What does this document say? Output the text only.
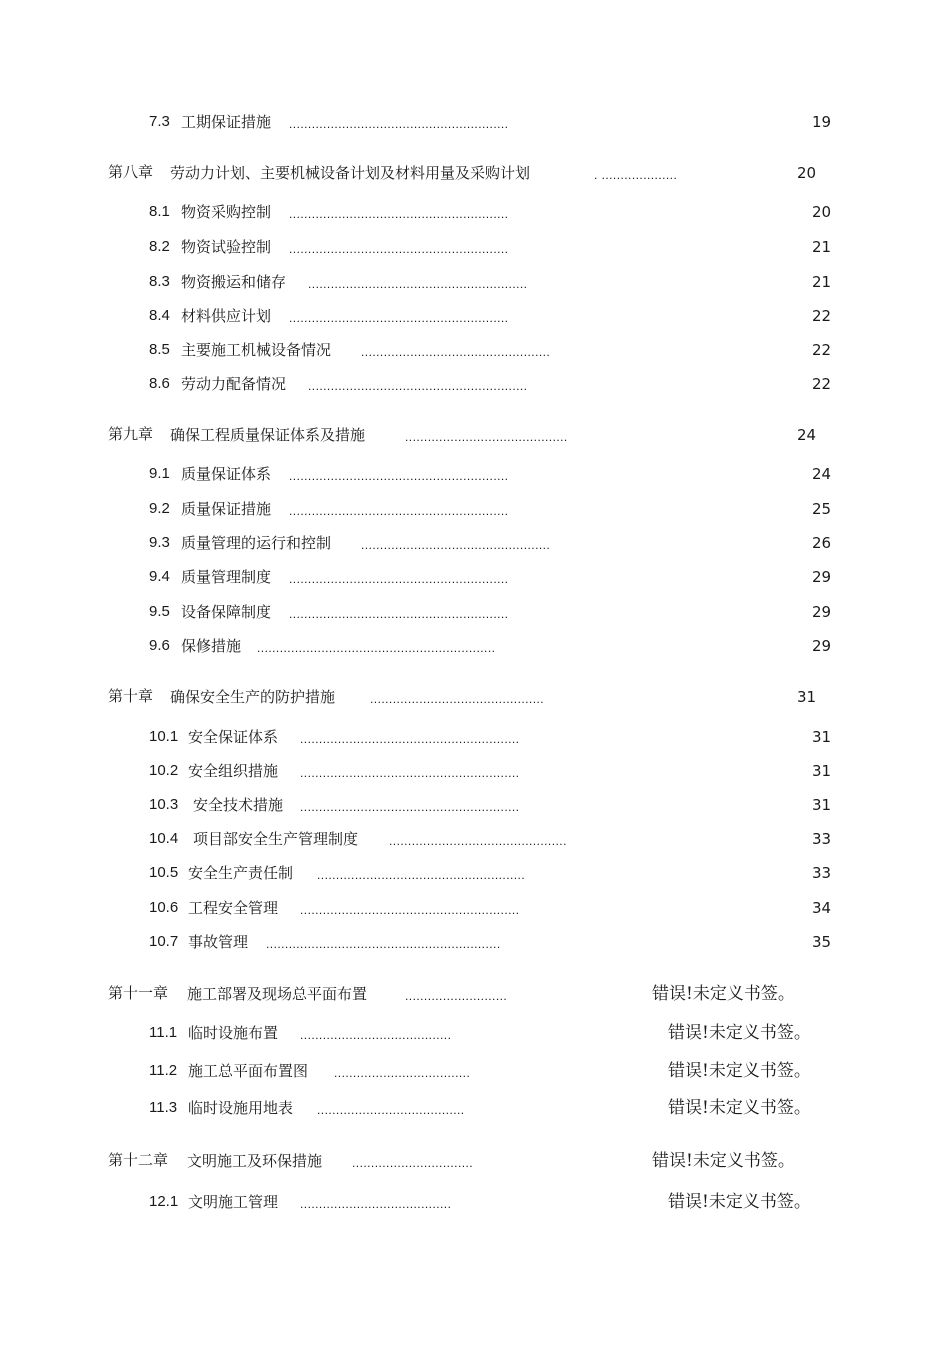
7.3 工期保证措施 ..........................................................	19
第八章 劳动力计划、主要机械设备计划及材料用量及采购计划	. ....................	20
8.1 物资采购控制 ..........................................................	20
8.2 物资试验控制 ..........................................................	21
8.3 物资搬运和储存 ..........................................................	21
8.4 材料供应计划 ..........................................................	22
8.5 主要施工机械设备情况 ..................................................	22
8.6 劳动力配备情况 ..........................................................	22
第九章 确保工程质量保证体系及措施	...........................................	24
9.1 质量保证体系 ..........................................................	24
9.2 质量保证措施 ..........................................................	25
9.3 质量管理的运行和控制 ..................................................	26
9.4 质量管理制度 ..........................................................	29
9.5 设备保障制度 ..........................................................	29
9.6 保修措施 ...............................................................	29
第十章 确保安全生产的防护措施	..............................................	31
10.1 安全保证体系 ..........................................................	31
10.2 安全组织措施 ..........................................................	31
10.3 安全技术措施 ..........................................................	31
10.4 项目部安全生产管理制度	...............................................	33
10.5 安全生产责任制 .......................................................	33
10.6 工程安全管理 ..........................................................	34
10.7 事故管理 ..............................................................	35
第十一章 施工部署及现场总平面布置	...........................	错误!未定义书签。
11.1 临时设施布置 ........................................	错误!未定义书签。
11.2 施工总平面布置图 ....................................	错误!未定义书签。
11.3 临时设施用地表 .......................................	错误!未定义书签。
第十二章 文明施工及环保措施 ................................	错误!未定义书签。
12.1 文明施工管理 ........................................	错误!未定义书签。
